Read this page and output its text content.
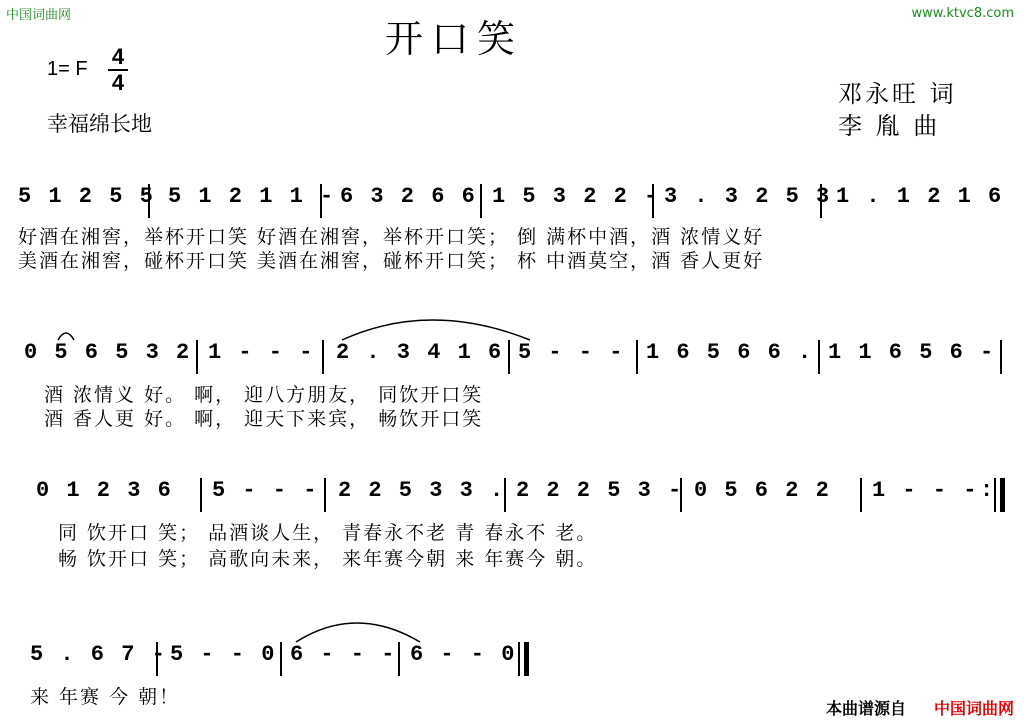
中国词曲网	www.ktvc8.com
开口笑
1= F 4
4
幸福绵长地
邓永旺 词
李 胤 曲
5 1 2 5 5 5 1 2 1 1 - 6 3 2 6 6 1 5 3 2 2 - 3 . 3 2 5 3 1 . 1 2 1 6
好酒在湘窖，举杯开口笑 好酒在湘窖，举杯开口笑； 倒 满杯中酒，酒 浓情义好
美酒在湘窖，碰杯开口笑 美酒在湘窖，碰杯开口笑； 杯 中酒莫空，酒 香人更好
0 5 6 5 3 2 1 - - - 2 . 3 4 1 6 5 - - - 1 6 5 6 6 . 1 1 6 5 6 -
酒 浓情义 好。 啊， 迎八方朋友， 同饮开口笑
酒 香人更 好。 啊， 迎天下来宾， 畅饮开口笑
0 1 2 3 6 5 - - - 2 2 5 3 3 . 2 2 2 5 3 - 0 5 6 2 2 1 - - - :
同 饮开口 笑； 品酒谈人生， 青春永不老 青 春永不 老。
畅 饮开口 笑； 高歌向未来， 来年赛今朝 来 年赛今 朝。
5 . 6 7 - 5 - - 0 6 - - - 6 - - 0
来 年赛 今 朝！
本曲谱源自 中国词曲网
